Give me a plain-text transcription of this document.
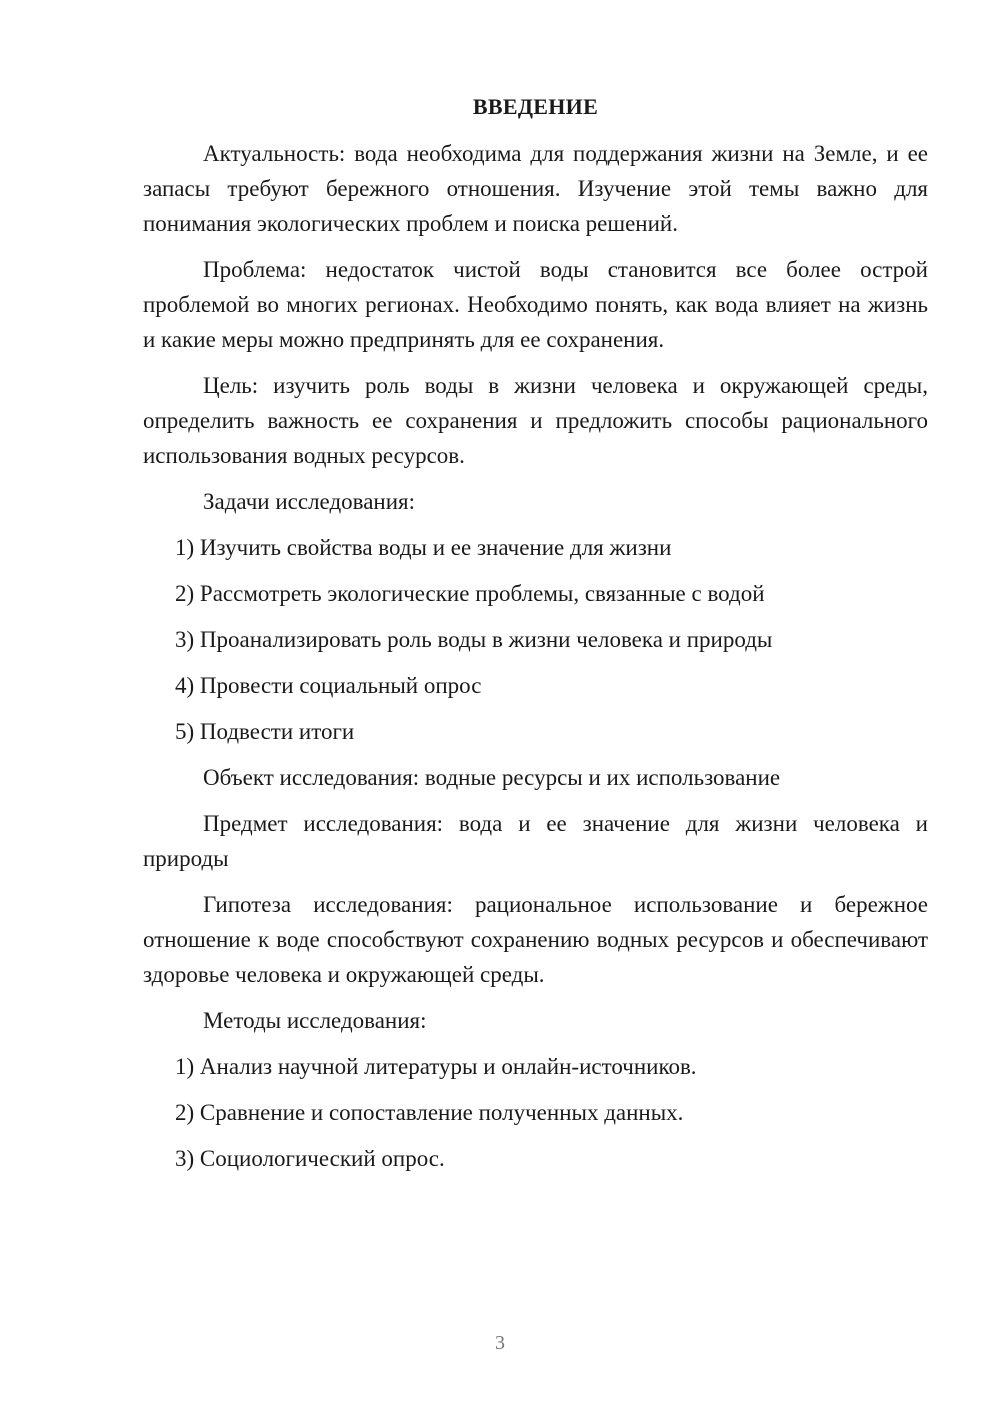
ВВЕДЕНИЕ

Актуальность: вода необходима для поддержания жизни на Земле, и ее запасы требуют бережного отношения. Изучение этой темы важно для понимания экологических проблем и поиска решений.

Проблема: недостаток чистой воды становится все более острой проблемой во многих регионах. Необходимо понять, как вода влияет на жизнь и какие меры можно предпринять для ее сохранения.

Цель: изучить роль воды в жизни человека и окружающей среды, определить важность ее сохранения и предложить способы рационального использования водных ресурсов.

Задачи исследования:

1) Изучить свойства воды и ее значение для жизни

2) Рассмотреть экологические проблемы, связанные с водой

3) Проанализировать роль воды в жизни человека и природы

4) Провести социальный опрос

5) Подвести итоги

Объект исследования: водные ресурсы и их использование

Предмет исследования: вода и ее значение для жизни человека и природы

Гипотеза исследования: рациональное использование и бережное отношение к воде способствуют сохранению водных ресурсов и обеспечивают здоровье человека и окружающей среды.

Методы исследования:

1) Анализ научной литературы и онлайн-источников.

2) Сравнение и сопоставление полученных данных.

3) Социологический опрос.

3
